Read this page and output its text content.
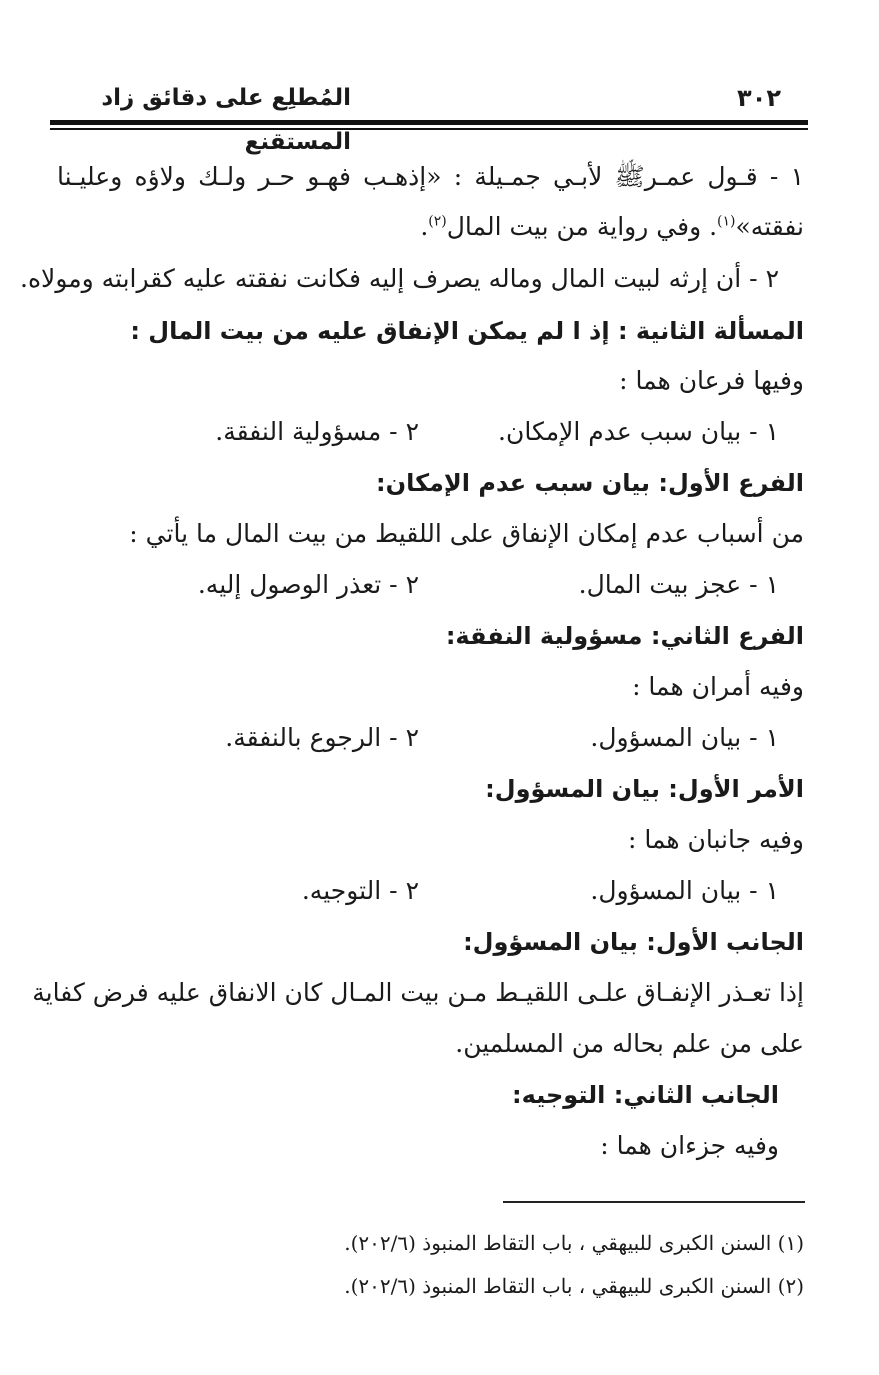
المُطلِع على دقائق زاد المستقنع
٣٠٢
١ - قـول عمـرﷺ لأبـي جمـيلة : «إذهـب فهـو حـر ولـك ولاؤه وعليـنا
نفقته»$^{(١)}$. وفي رواية من بيت المال$^{(٢)}$.
٢ - أن إرثه لبيت المال وماله يصرف إليه فكانت نفقته عليه كقرابته ومولاه.
المسألة الثانية : إذ ا لم يمكن الإنفاق عليه من بيت المال :
وفيها فرعان هما :
١ - بيان سبب عدم الإمكان.
٢ - مسؤولية النفقة.
الفرع الأول: بيان سبب عدم الإمكان:
من أسباب عدم إمكان الإنفاق على اللقيط من بيت المال ما يأتي :
١ - عجز بيت المال.
٢ - تعذر الوصول إليه.
الفرع الثاني: مسؤولية النفقة:
وفيه أمران هما :
١ - بيان المسؤول.
٢ - الرجوع بالنفقة.
الأمر الأول: بيان المسؤول:
وفيه جانبان هما :
١ - بيان المسؤول.
٢ - التوجيه.
الجانب الأول: بيان المسؤول:
إذا تعـذر الإنفـاق علـى اللقيـط مـن بيت المـال كان الانفاق عليه فرض كفاية
على من علم بحاله من المسلمين.
الجانب الثاني: التوجيه:
وفيه جزءان هما :
(١) السنن الكبرى للبيهقي ، باب التقاط المنبوذ (٢٠٢/٦).
(٢) السنن الكبرى للبيهقي ، باب التقاط المنبوذ (٢٠٢/٦).
